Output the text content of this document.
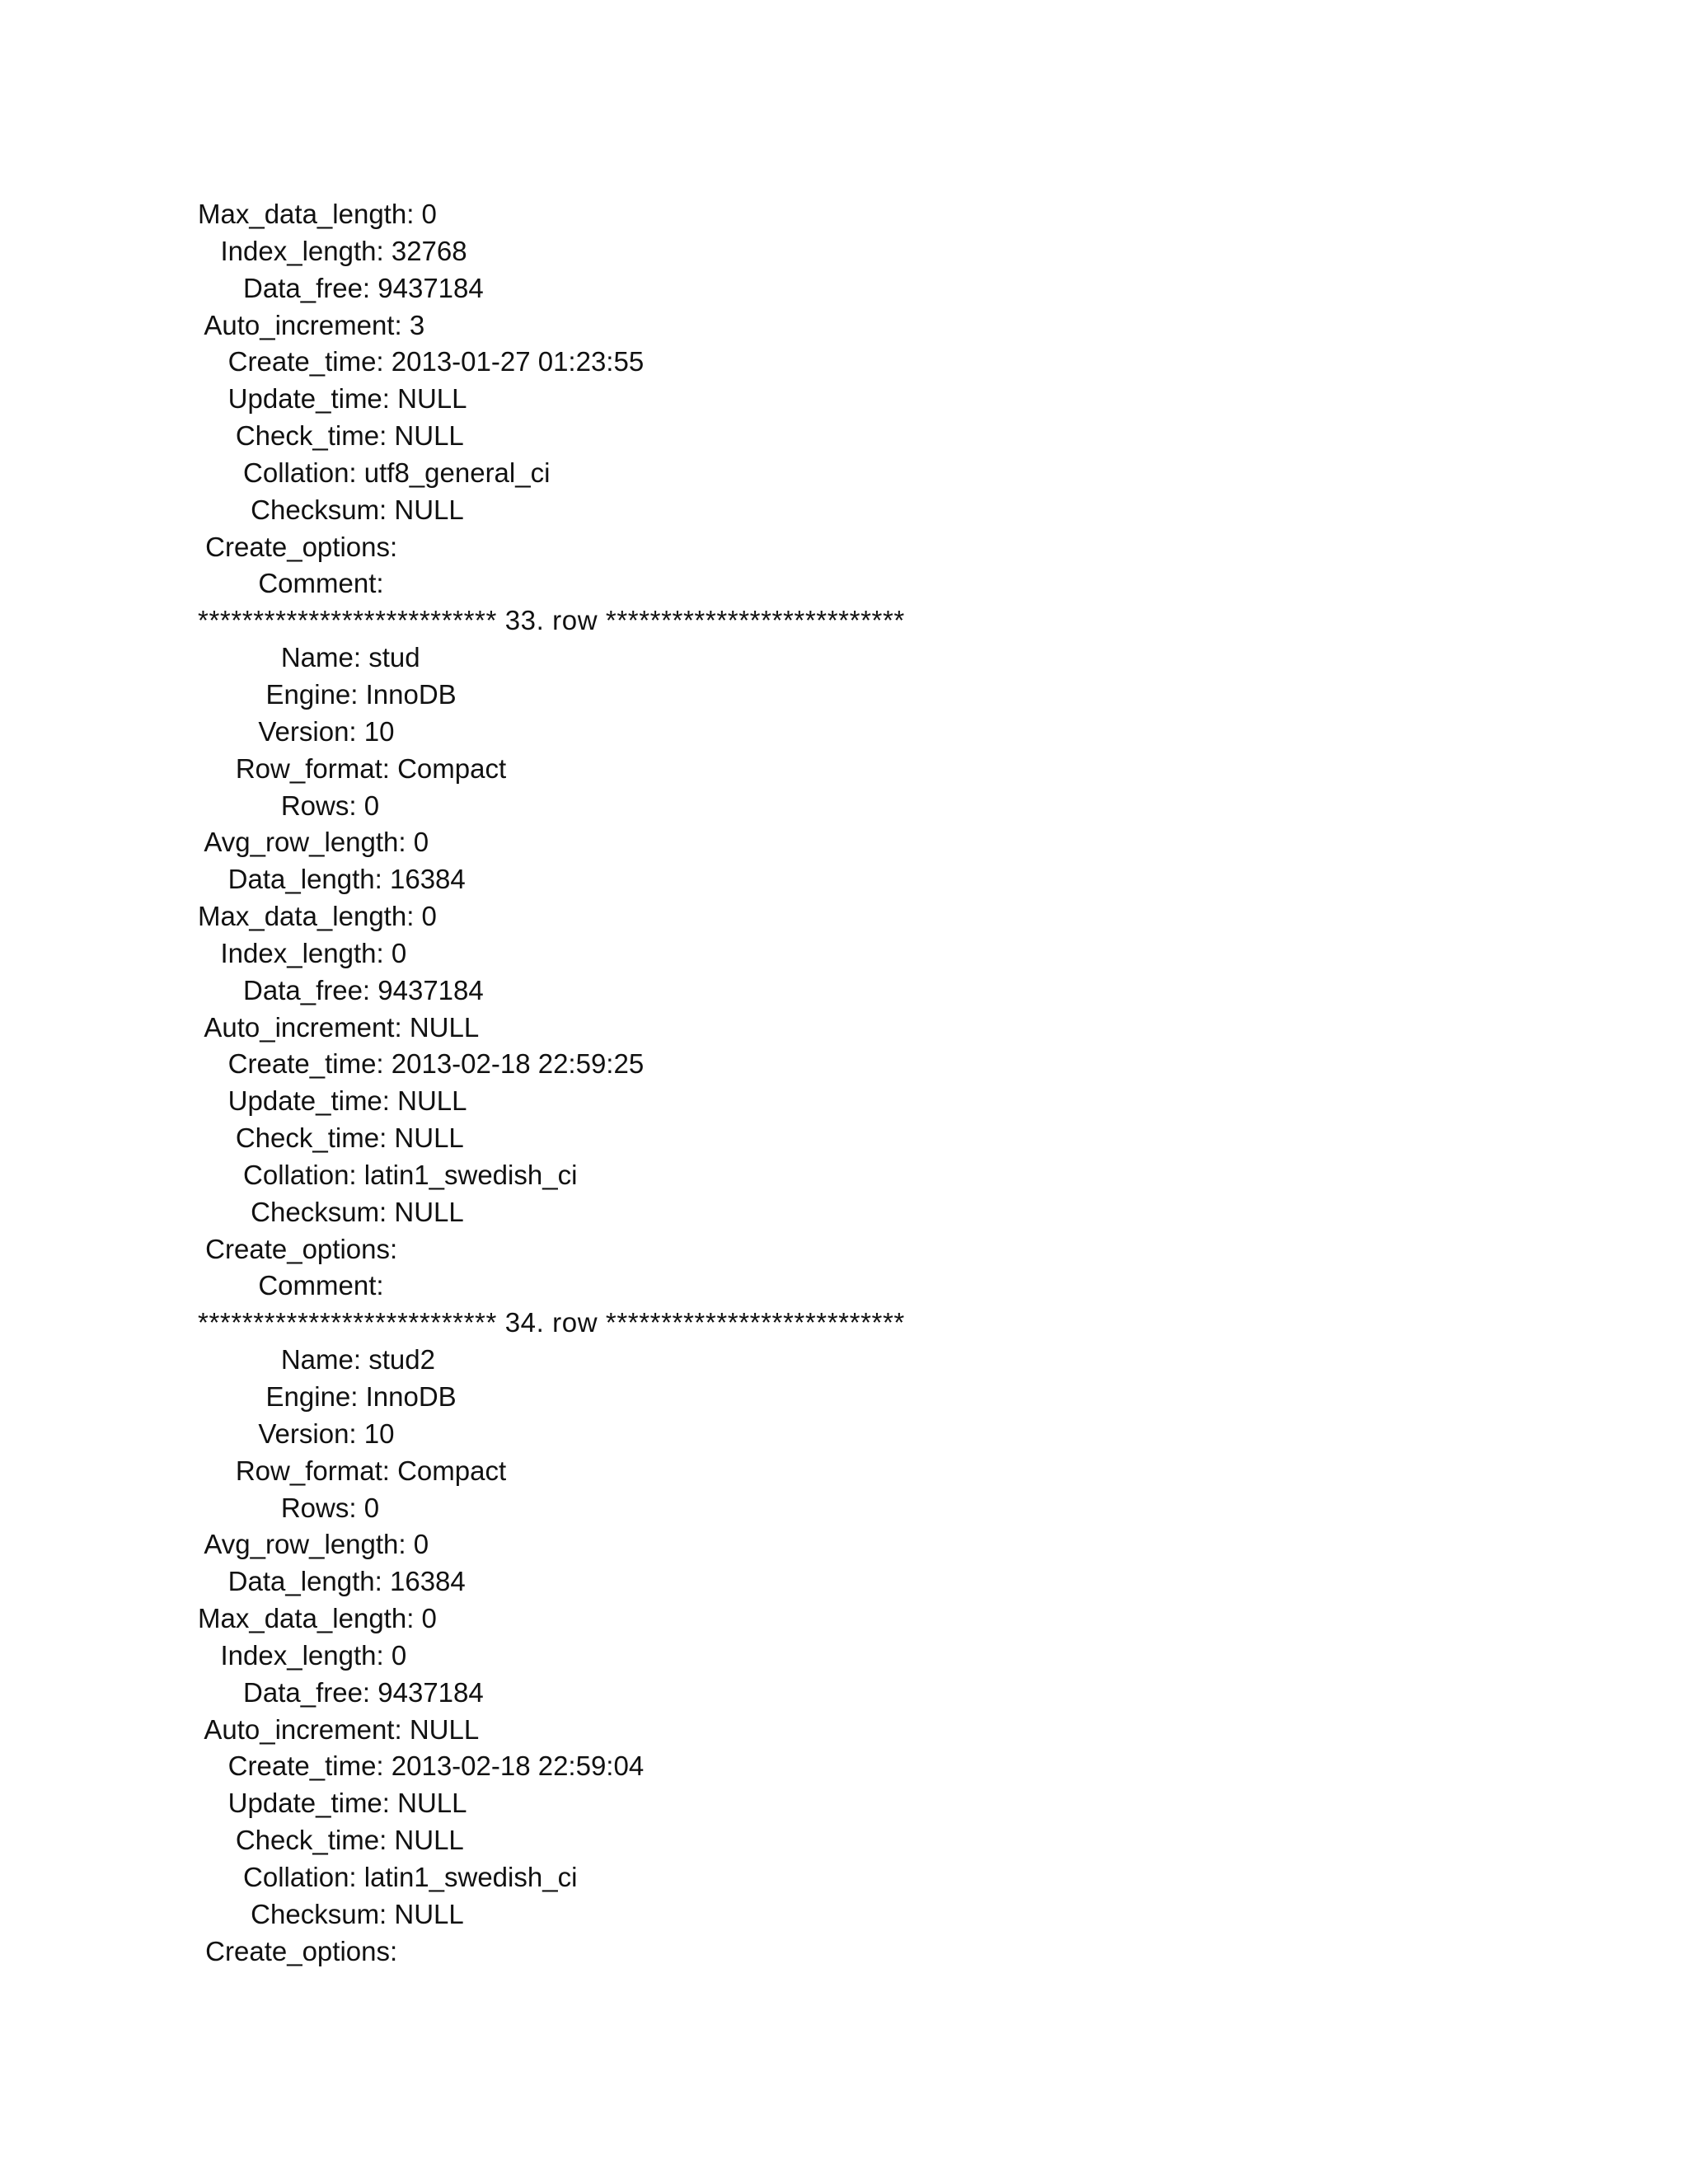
Max_data_length: 0
Index_length: 32768
Data_free: 9437184
Auto_increment: 3
Create_time: 2013-01-27 01:23:55
Update_time: NULL
Check_time: NULL
Collation: utf8_general_ci
Checksum: NULL
Create_options:
Comment:
*************************** 33. row ***************************
Name: stud
Engine: InnoDB
Version: 10
Row_format: Compact
Rows: 0
Avg_row_length: 0
Data_length: 16384
Max_data_length: 0
Index_length: 0
Data_free: 9437184
Auto_increment: NULL
Create_time: 2013-02-18 22:59:25
Update_time: NULL
Check_time: NULL
Collation: latin1_swedish_ci
Checksum: NULL
Create_options:
Comment:
*************************** 34. row ***************************
Name: stud2
Engine: InnoDB
Version: 10
Row_format: Compact
Rows: 0
Avg_row_length: 0
Data_length: 16384
Max_data_length: 0
Index_length: 0
Data_free: 9437184
Auto_increment: NULL
Create_time: 2013-02-18 22:59:04
Update_time: NULL
Check_time: NULL
Collation: latin1_swedish_ci
Checksum: NULL
Create_options:
